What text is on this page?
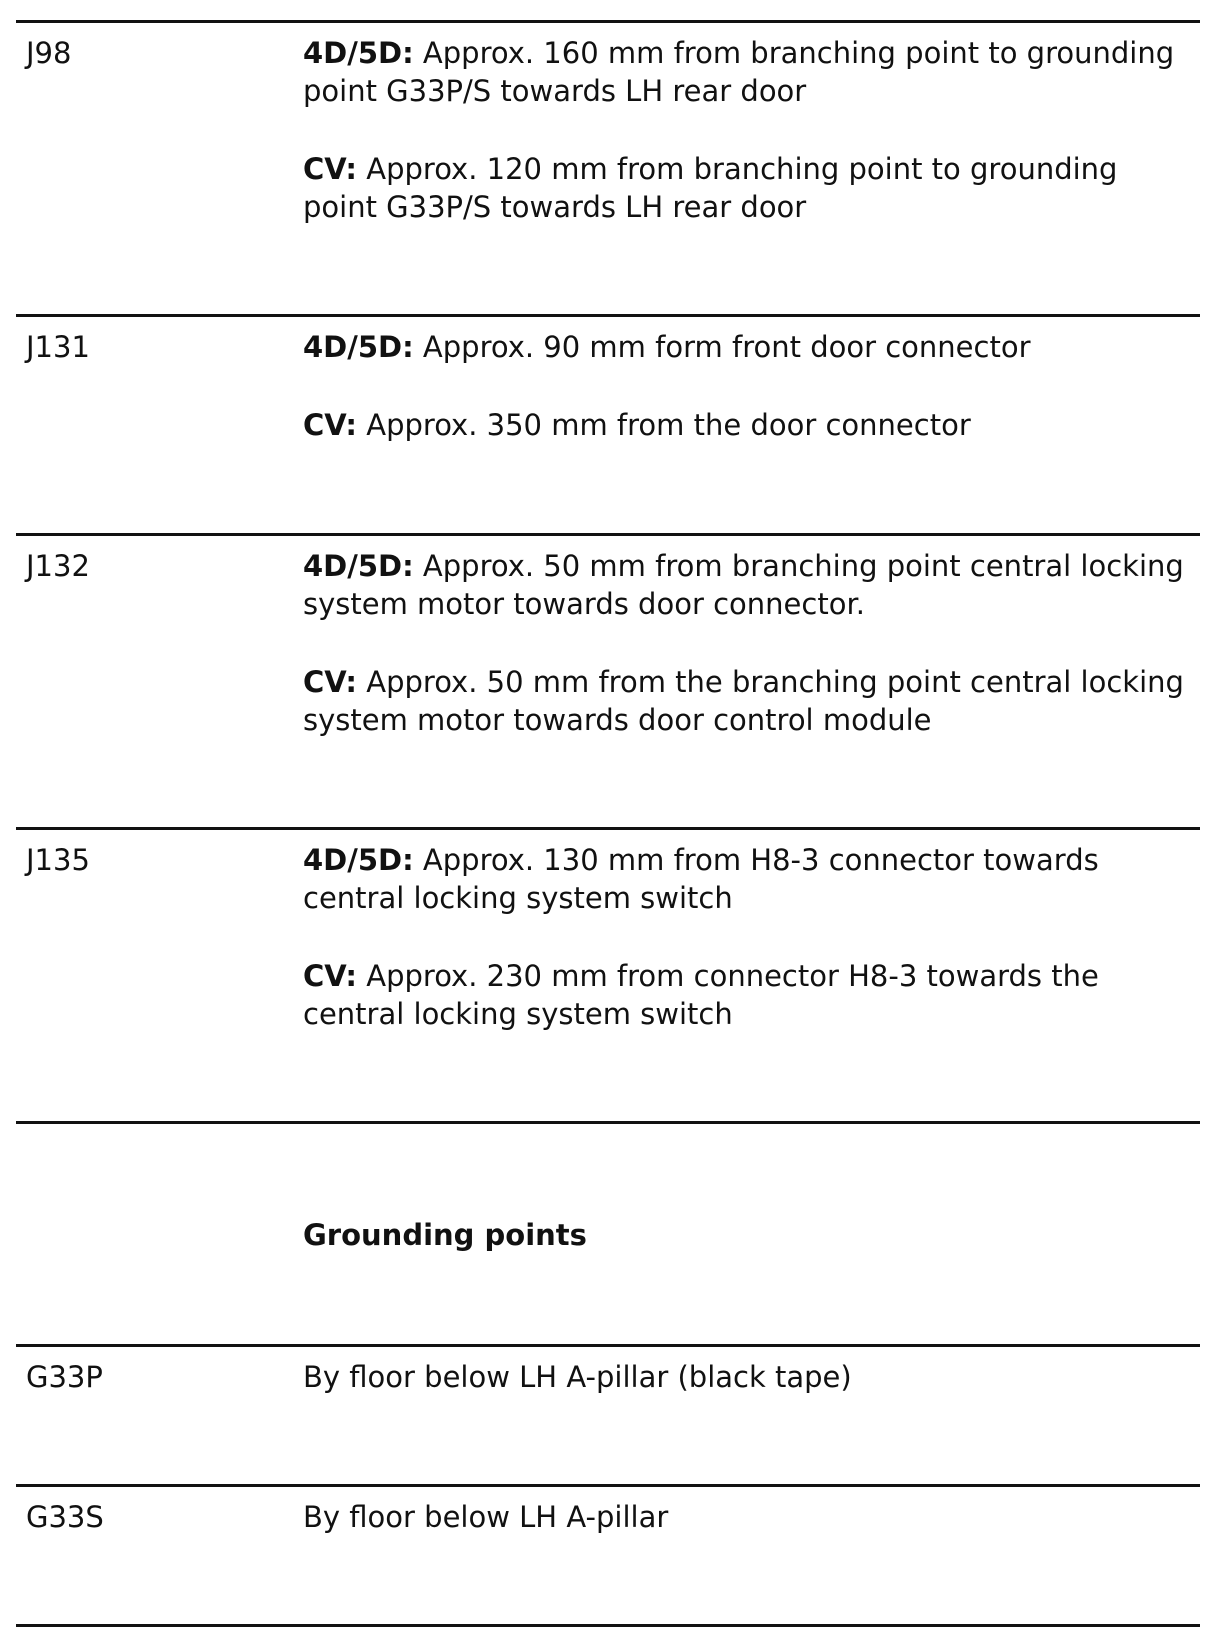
J98	4D/5D: Approx. 160 mm from branching point to grounding point G33P/S towards LH rear door

CV: Approx. 120 mm from branching point to grounding point G33P/S towards LH rear door

J131	4D/5D: Approx. 90 mm form front door connector

CV: Approx. 350 mm from the door connector

J132	4D/5D: Approx. 50 mm from branching point central locking system motor towards door connector.

CV: Approx. 50 mm from the branching point central locking system motor towards door control module

J135	4D/5D: Approx. 130 mm from H8-3 connector towards central locking system switch

CV: Approx. 230 mm from connector H8-3 towards the central locking system switch

Grounding points
G33P	By floor below LH A-pillar (black tape)

G33S	By floor below LH A-pillar
